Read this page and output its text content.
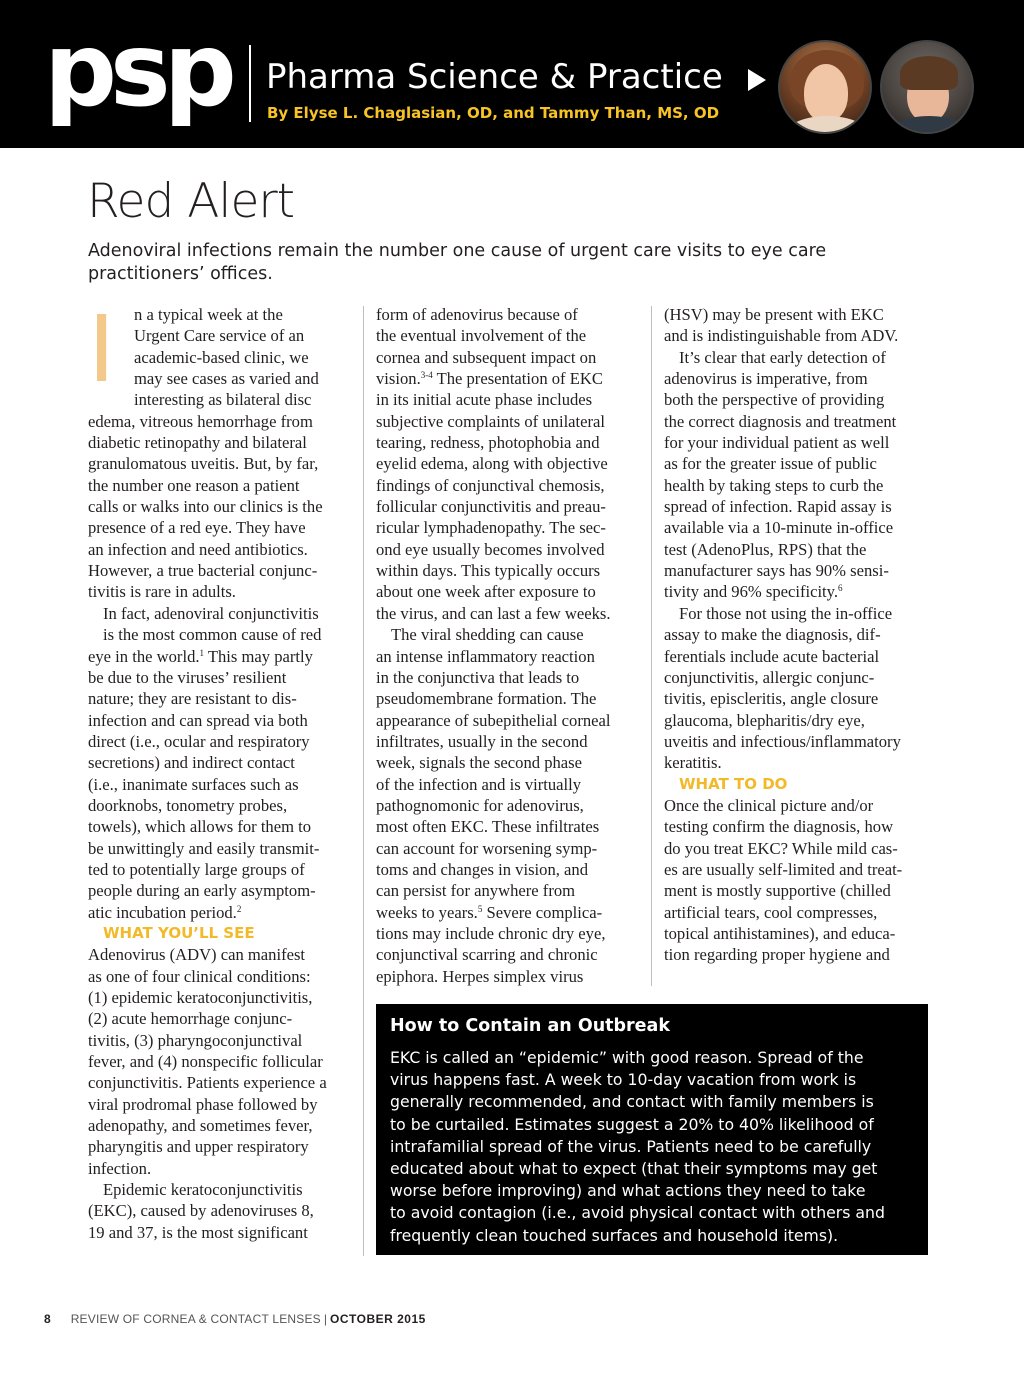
psp Pharma Science & Practice
By Elyse L. Chaglasian, OD, and Tammy Than, MS, OD
Red Alert
Adenoviral infections remain the number one cause of urgent care visits to eye care practitioners’ offices.

I	n a typical week at the
Urgent Care service of an
academic-based clinic, we
may see cases as varied and
interesting as bilateral disc
edema, vitreous hemorrhage from
diabetic retinopathy and bilateral
granulomatous uveitis. But, by far,
the number one reason a patient
calls or walks into our clinics is the
presence of a red eye. They have
an infection and need antibiotics.
However, a true bacterial conjunc-
tivitis is rare in adults.

In fact, adenoviral conjunctivitis
is the most common cause of red
eye in the world.$^1$ This may partly
be due to the viruses’ resilient
nature; they are resistant to dis-
infection and can spread via both
direct (i.e., ocular and respiratory
secretions) and indirect contact
(i.e., inanimate surfaces such as
doorknobs, tonometry probes,
towels), which allows for them to
be unwittingly and easily transmit-
ted to potentially large groups of
people during an early asymptom-
atic incubation period.$^2$

WHAT YOU’LL SEE

Adenovirus (ADV) can manifest
as one of four clinical conditions:
(1) epidemic keratoconjunctivitis,
(2) acute hemorrhage conjunc-
tivitis, (3) pharyngoconjunctival
fever, and (4) nonspecific follicular
conjunctivitis. Patients experience a
viral prodromal phase followed by
adenopathy, and sometimes fever,
pharyngitis and upper respiratory
infection.

Epidemic keratoconjunctivitis
(EKC), caused by adenoviruses 8,
19 and 37, is the most significant

form of adenovirus because of
the eventual involvement of the
cornea and subsequent impact on
vision.$^{3-4}$ The presentation of EKC
in its initial acute phase includes
subjective complaints of unilateral
tearing, redness, photophobia and
eyelid edema, along with objective
findings of conjunctival chemosis,
follicular conjunctivitis and preau-
ricular lymphadenopathy. The sec-
ond eye usually becomes involved
within days. This typically occurs
about one week after exposure to
the virus, and can last a few weeks.

The viral shedding can cause
an intense inflammatory reaction
in the conjunctiva that leads to
pseudomembrane formation. The
appearance of subepithelial corneal
infiltrates, usually in the second
week, signals the second phase
of the infection and is virtually
pathognomonic for adenovirus,
most often EKC. These infiltrates
can account for worsening symp-
toms and changes in vision, and
can persist for anywhere from
weeks to years.$^5$ Severe complica-
tions may include chronic dry eye,
conjunctival scarring and chronic
epiphora. Herpes simplex virus

(HSV) may be present with EKC
and is indistinguishable from ADV.

It’s clear that early detection of
adenovirus is imperative, from
both the perspective of providing
the correct diagnosis and treatment
for your individual patient as well
as for the greater issue of public
health by taking steps to curb the
spread of infection. Rapid assay is
available via a 10-minute in-office
test (AdenoPlus, RPS) that the
manufacturer says has 90% sensi-
tivity and 96% specificity.$^6$

For those not using the in-office
assay to make the diagnosis, dif-
ferentials include acute bacterial
conjunctivitis, allergic conjunc-
tivitis, episcleritis, angle closure
glaucoma, blepharitis/dry eye,
uveitis and infectious/inflammatory
keratitis.

WHAT TO DO

Once the clinical picture and/or
testing confirm the diagnosis, how
do you treat EKC? While mild cas-
es are usually self-limited and treat-
ment is mostly supportive (chilled
artificial tears, cool compresses,
topical antihistamines), and educa-
tion regarding proper hygiene and

How to Contain an Outbreak
EKC is called an “epidemic” with good reason. Spread of the
virus happens fast. A week to 10-day vacation from work is
generally recommended, and contact with family members is
to be curtailed. Estimates suggest a 20% to 40% likelihood of
intrafamilial spread of the virus. Patients need to be carefully
educated about what to expect (that their symptoms may get
worse before improving) and what actions they need to take
to avoid contagion (i.e., avoid physical contact with others and
frequently clean touched surfaces and household items).
8 REVIEW OF CORNEA & CONTACT LENSES | OCTOBER 2015
